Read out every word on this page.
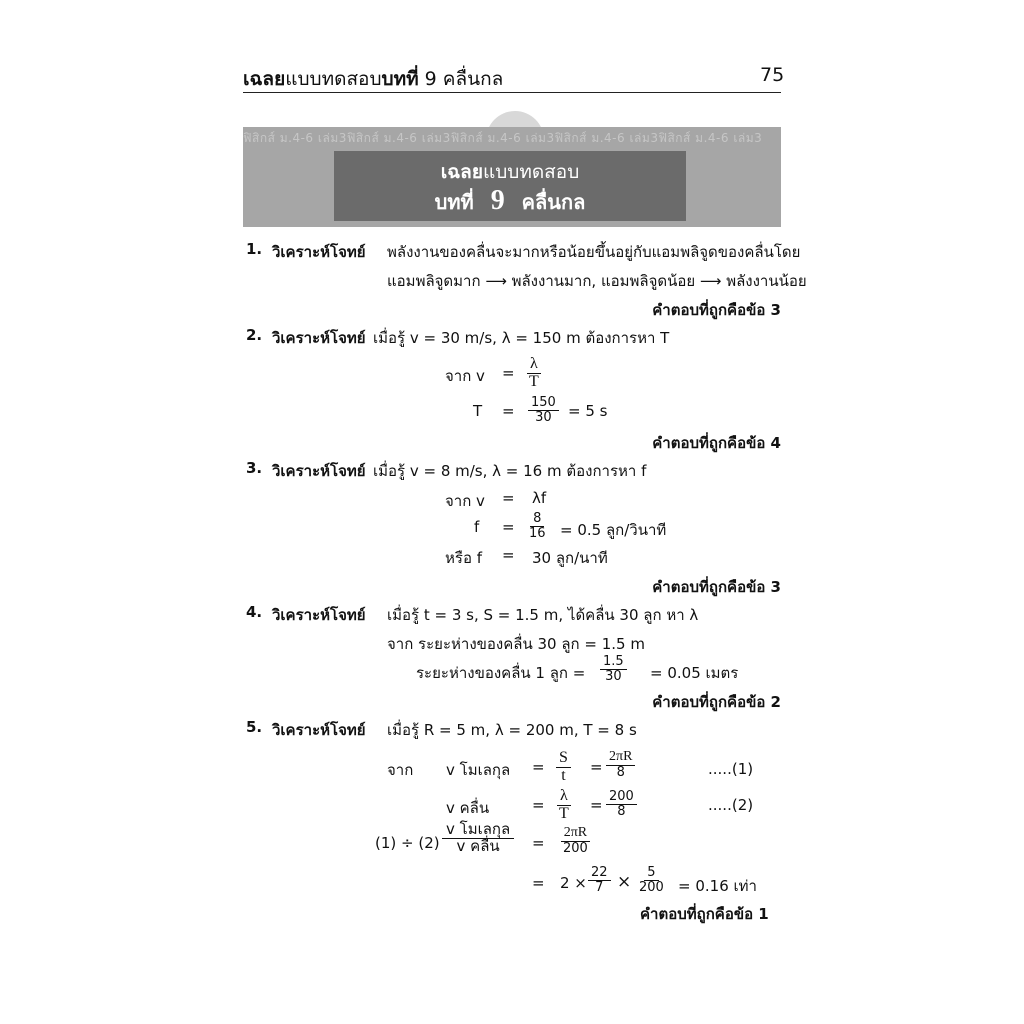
เฉลยแบบทดสอบบทที่ 9 คลื่นกล	75
ฟิสิกส์ ม.4-6 เล่ม3ฟิสิกส์ ม.4-6 เล่ม3ฟิสิกส์ ม.4-6 เล่ม3ฟิสิกส์ ม.4-6 เล่ม3ฟิสิกส์ ม.4-6 เล่ม3
เฉลยแบบทดสอบ
บทที่ 9 คลื่นกล
1. วิเคราะห์โจทย์ พลังงานของคลื่นจะมากหรือน้อยขึ้นอยู่กับแอมพลิจูดของคลื่นโดย
แอมพลิจูดมาก ⟶ พลังงานมาก, แอมพลิจูดน้อย ⟶ พลังงานน้อย
คำตอบที่ถูกคือข้อ 3
2. วิเคราะห์โจทย์ เมื่อรู้ v = 30 m/s, λ = 150 m ต้องการหา T
จาก $v = \frac{\lambda}{T}$
$T = \frac{150}{30} = 5$ s
คำตอบที่ถูกคือข้อ 4
3. วิเคราะห์โจทย์ เมื่อรู้ v = 8 m/s, λ = 16 m ต้องการหา f
จาก v = λf
$f = \frac{8}{16} = 0.5$ ลูก/วินาที
หรือ f = 30 ลูก/นาที
คำตอบที่ถูกคือข้อ 3
4. วิเคราะห์โจทย์ เมื่อรู้ t = 3 s, S = 1.5 m, ได้คลื่น 30 ลูก หา λ
จาก ระยะห่างของคลื่น 30 ลูก = 1.5 m
ระยะห่างของคลื่น 1 ลูก = $\frac{1.5}{30} = 0.05$ เมตร
คำตอบที่ถูกคือข้อ 2
5. วิเคราะห์โจทย์ เมื่อรู้ R = 5 m, λ = 200 m, T = 8 s
จาก v โมเลกุล = $\frac{S}{t} = \frac{2\pi R}{8}$	.....(1)
v คลื่น	= $\frac{\lambda}{T} = \frac{200}{8}$	.....(2)
(1) ÷ (2)
v โมเลกุล
v คลื่น = $\frac{2\pi R}{200}$
= $2 \times \frac{22}{7} \times \frac{5}{200} = 0.16$ เท่า
คำตอบที่ถูกคือข้อ 1
